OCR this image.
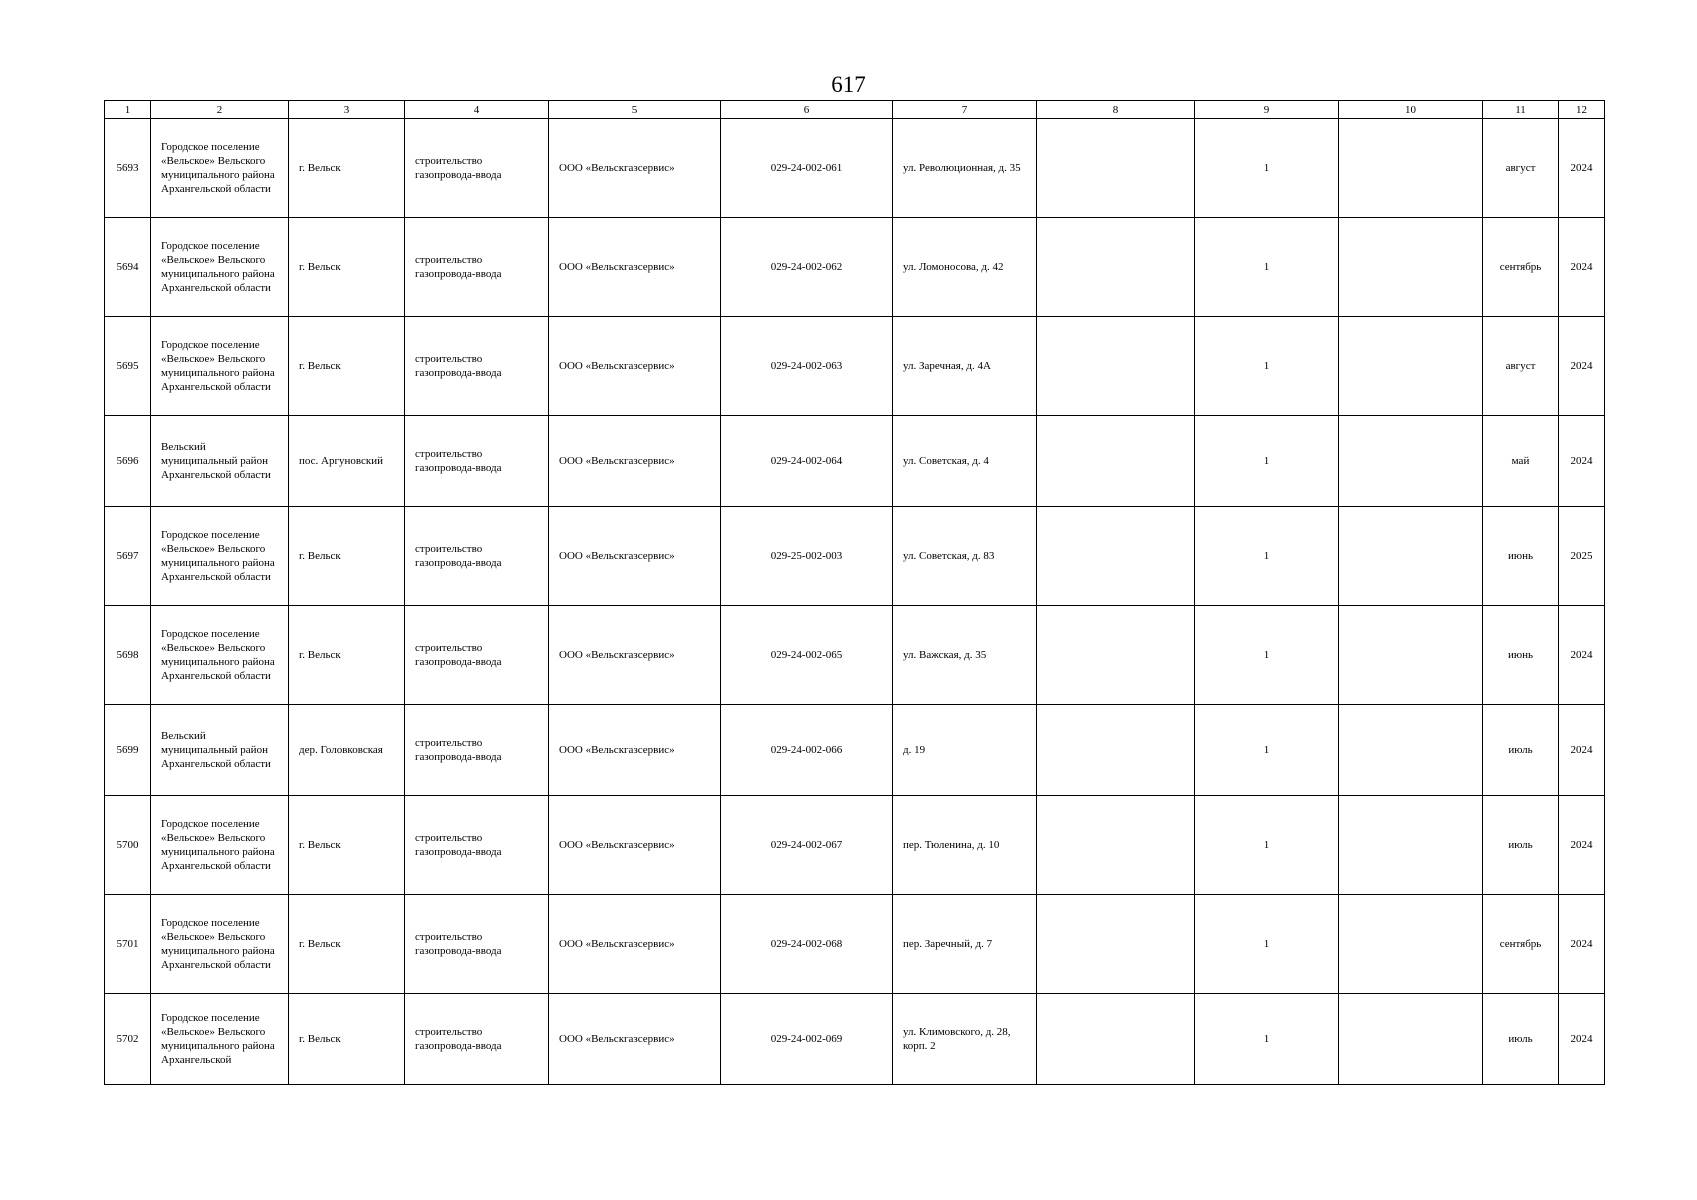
617
1	2	3	4	5	6	7	8	9	10	11	12

5693	Городское поселение «Вельское» Вельского муниципального района Архангельской области	г. Вельск	строительство газопровода-ввода	ООО «Вельскгазсервис»	029-24-002-061	ул. Революционная, д. 35		1		август	2024

5694	Городское поселение «Вельское» Вельского муниципального района Архангельской области	г. Вельск	строительство газопровода-ввода	ООО «Вельскгазсервис»	029-24-002-062	ул. Ломоносова, д. 42		1		сентябрь	2024

5695	Городское поселение «Вельское» Вельского муниципального района Архангельской области	г. Вельск	строительство газопровода-ввода	ООО «Вельскгазсервис»	029-24-002-063	ул. Заречная, д. 4А		1		август	2024

5696	Вельский муниципальный район Архангельской области	пос. Аргуновский	строительство газопровода-ввода	ООО «Вельскгазсервис»	029-24-002-064	ул. Советская, д. 4		1		май	2024

5697	Городское поселение «Вельское» Вельского муниципального района Архангельской области	г. Вельск	строительство газопровода-ввода	ООО «Вельскгазсервис»	029-25-002-003	ул. Советская, д. 83		1		июнь	2025

5698	Городское поселение «Вельское» Вельского муниципального района Архангельской области	г. Вельск	строительство газопровода-ввода	ООО «Вельскгазсервис»	029-24-002-065	ул. Важская, д. 35		1		июнь	2024

5699	Вельский муниципальный район Архангельской области	дер. Головковская	строительство газопровода-ввода	ООО «Вельскгазсервис»	029-24-002-066	д. 19		1		июль	2024

5700	Городское поселение «Вельское» Вельского муниципального района Архангельской области	г. Вельск	строительство газопровода-ввода	ООО «Вельскгазсервис»	029-24-002-067	пер. Тюленина, д. 10		1		июль	2024

5701	Городское поселение «Вельское» Вельского муниципального района Архангельской области	г. Вельск	строительство газопровода-ввода	ООО «Вельскгазсервис»	029-24-002-068	пер. Заречный, д. 7		1		сентябрь	2024

5702	Городское поселение «Вельское» Вельского муниципального района Архангельской	г. Вельск	строительство газопровода-ввода	ООО «Вельскгазсервис»	029-24-002-069	ул. Климовского, д. 28, корп. 2		1		июль	2024
